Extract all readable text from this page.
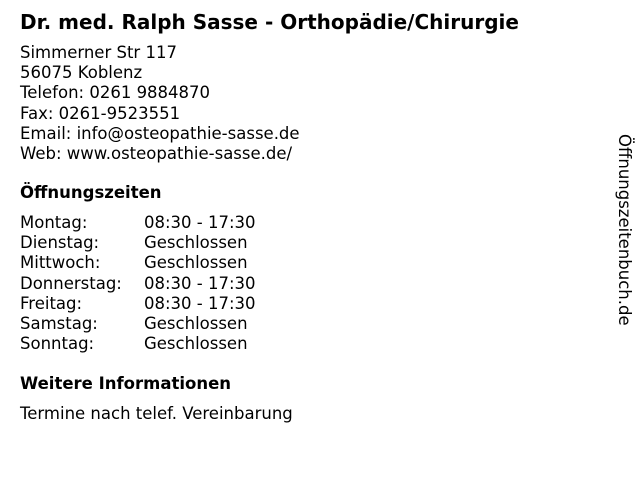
Dr. med. Ralph Sasse - Orthopädie/Chirurgie
Simmerner Str 117
56075 Koblenz
Telefon: 0261 9884870
Fax: 0261-9523551
Email: info@osteopathie-sasse.de
Web: www.osteopathie-sasse.de/
Öffnungszeiten
Montag:	08:30 - 17:30
Dienstag:	Geschlossen
Mittwoch:	Geschlossen
Donnerstag:	08:30 - 17:30
Freitag:	08:30 - 17:30
Samstag:	Geschlossen
Sonntag:	Geschlossen
Weitere Informationen
Termine nach telef. Vereinbarung
Öffnungszeitenbuch.de
